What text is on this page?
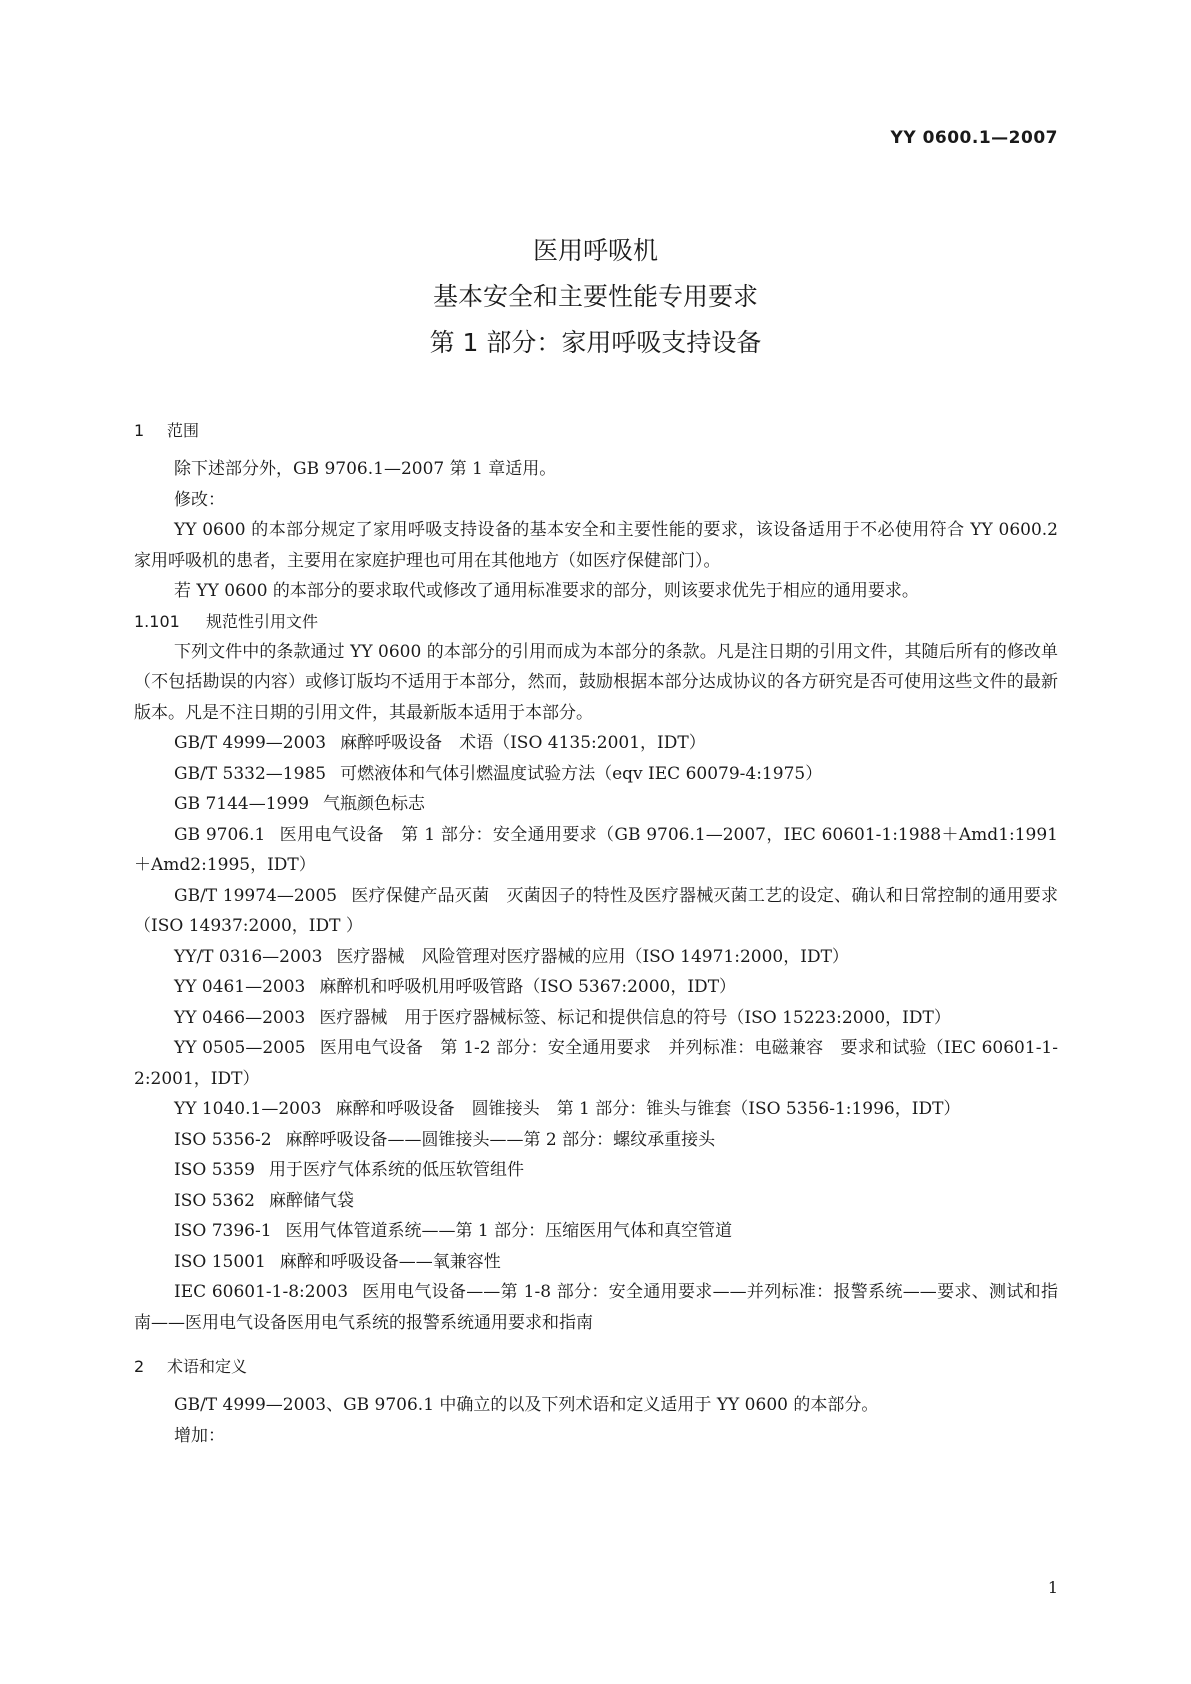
YY 0600.1—2007
医用呼吸机
基本安全和主要性能专用要求
第 1 部分：家用呼吸支持设备
1	范围
除下述部分外，GB 9706.1—2007 第 1 章适用。
修改：
YY 0600 的本部分规定了家用呼吸支持设备的基本安全和主要性能的要求，该设备适用于不必使用符合 YY 0600.2 家用呼吸机的患者，主要用在家庭护理也可用在其他地方（如医疗保健部门）。
若 YY 0600 的本部分的要求取代或修改了通用标准要求的部分，则该要求优先于相应的通用要求。
1.101	规范性引用文件
下列文件中的条款通过 YY 0600 的本部分的引用而成为本部分的条款。凡是注日期的引用文件，其随后所有的修改单（不包括勘误的内容）或修订版均不适用于本部分，然而，鼓励根据本部分达成协议的各方研究是否可使用这些文件的最新版本。凡是不注日期的引用文件，其最新版本适用于本部分。
GB/T 4999—2003 麻醉呼吸设备　术语（ISO 4135:2001，IDT）
GB/T 5332—1985 可燃液体和气体引燃温度试验方法（eqv IEC 60079-4:1975）
GB 7144—1999 气瓶颜色标志
GB 9706.1 医用电气设备　第 1 部分：安全通用要求（GB 9706.1—2007，IEC 60601-1:1988＋Amd1:1991＋Amd2:1995，IDT）
GB/T 19974—2005 医疗保健产品灭菌　灭菌因子的特性及医疗器械灭菌工艺的设定、确认和日常控制的通用要求（ISO 14937:2000，IDT ）
YY/T 0316—2003 医疗器械　风险管理对医疗器械的应用（ISO 14971:2000，IDT）
YY 0461—2003 麻醉机和呼吸机用呼吸管路（ISO 5367:2000，IDT）
YY 0466—2003 医疗器械　用于医疗器械标签、标记和提供信息的符号（ISO 15223:2000，IDT）
YY 0505—2005 医用电气设备　第 1-2 部分：安全通用要求　并列标准：电磁兼容　要求和试验（IEC 60601-1-2:2001，IDT）
YY 1040.1—2003 麻醉和呼吸设备　圆锥接头　第 1 部分：锥头与锥套（ISO 5356-1:1996，IDT）
ISO 5356-2 麻醉呼吸设备——圆锥接头——第 2 部分：螺纹承重接头
ISO 5359 用于医疗气体系统的低压软管组件
ISO 5362 麻醉储气袋
ISO 7396-1 医用气体管道系统——第 1 部分：压缩医用气体和真空管道
ISO 15001 麻醉和呼吸设备——氧兼容性
IEC 60601-1-8:2003 医用电气设备——第 1-8 部分：安全通用要求——并列标准：报警系统——要求、测试和指南——医用电气设备医用电气系统的报警系统通用要求和指南
2	术语和定义
GB/T 4999—2003、GB 9706.1 中确立的以及下列术语和定义适用于 YY 0600 的本部分。
增加：
1
